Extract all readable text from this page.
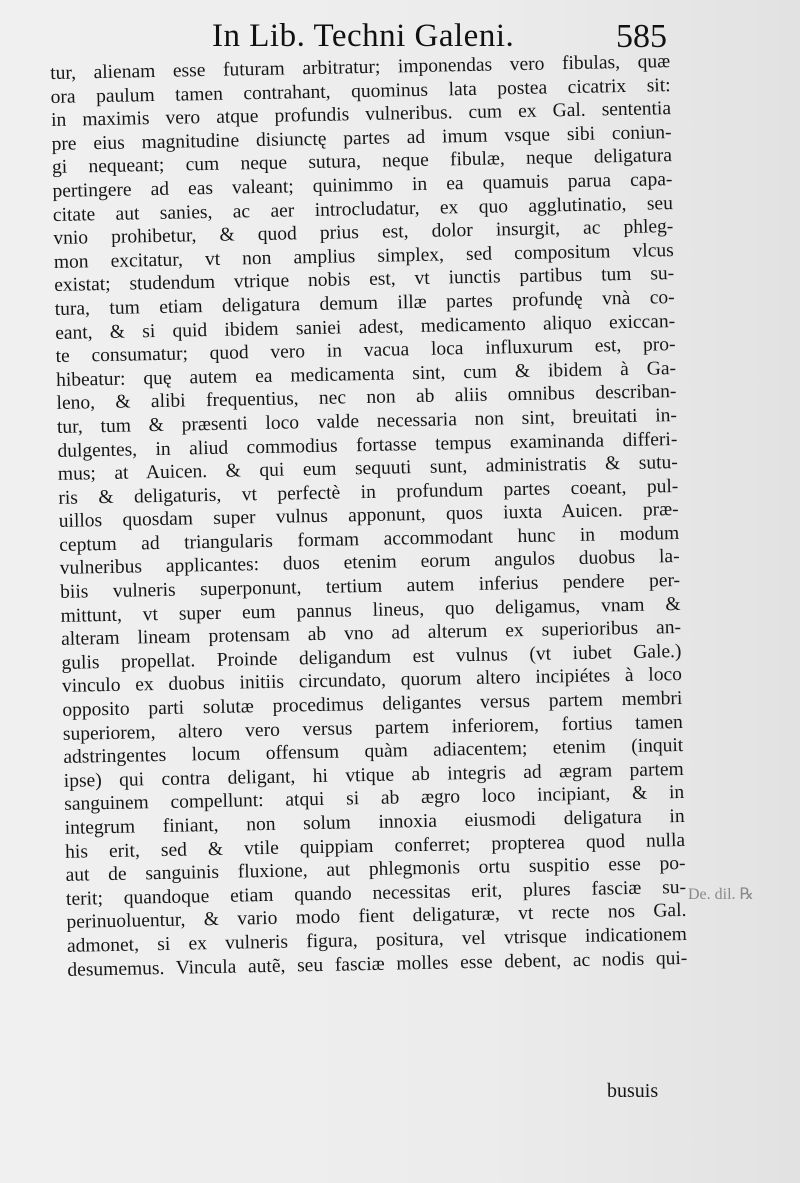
In Lib. Techni Galeni.	585
tur, alienam esse futuram arbitratur; imponendas vero fibulas, quæ
ora paulum tamen contrahant, quominus lata postea cicatrix sit:
in maximis vero atque profundis vulneribus. cum ex Gal. sententia
pre eius magnitudine disiunctę partes ad imum vsque sibi coniun-
gi nequeant; cum neque sutura, neque fibulæ, neque deligatura
pertingere ad eas valeant; quinimmo in ea quamuis parua capa-
citate aut sanies, ac aer introcludatur, ex quo agglutinatio, seu
vnio prohibetur, & quod prius est, dolor insurgit, ac phleg-
mon excitatur, vt non amplius simplex, sed compositum vlcus
existat; studendum vtrique nobis est, vt iunctis partibus tum su-
tura, tum etiam deligatura demum illæ partes profundę vnà co-
eant, & si quid ibidem saniei adest, medicamento aliquo exiccan-
te consumatur; quod vero in vacua loca influxurum est, pro-
hibeatur: quę autem ea medicamenta sint, cum & ibidem à Ga-
leno, & alibi frequentius, nec non ab aliis omnibus describan-
tur, tum & præsenti loco valde necessaria non sint, breuitati in-
dulgentes, in aliud commodius fortasse tempus examinanda differi-
mus; at Auicen. & qui eum sequuti sunt, administratis & sutu-
ris & deligaturis, vt perfectè in profundum partes coeant, pul-
uillos quosdam super vulnus apponunt, quos iuxta Auicen. præ-
ceptum ad triangularis formam accommodant hunc in modum
vulneribus applicantes: duos etenim eorum angulos duobus la-
biis vulneris superponunt, tertium autem inferius pendere per-
mittunt, vt super eum pannus lineus, quo deligamus, vnam &
alteram lineam protensam ab vno ad alterum ex superioribus an-
gulis propellat. Proinde deligandum est vulnus (vt iubet Gale.)
vinculo ex duobus initiis circundato, quorum altero incipiétes à loco
opposito parti solutæ procedimus deligantes versus partem membri
superiorem, altero vero versus partem inferiorem, fortius tamen
adstringentes locum offensum quàm adiacentem; etenim (inquit
ipse) qui contra deligant, hi vtique ab integris ad ægram partem
sanguinem compellunt: atqui si ab ægro loco incipiant, & in
integrum finiant, non solum innoxia eiusmodi deligatura in
his erit, sed & vtile quippiam conferret; propterea quod nulla
aut de sanguinis fluxione, aut phlegmonis ortu suspitio esse po-
terit; quandoque etiam quando necessitas erit, plures fasciæ su-
perinuoluentur, & vario modo fient deligaturæ, vt recte nos Gal.
admonet, si ex vulneris figura, positura, vel vtrisque indicationem
desumemus. Vincula autẽ, seu fasciæ molles esse debent, ac nodis qui-
De. dil. ℞
busuis
